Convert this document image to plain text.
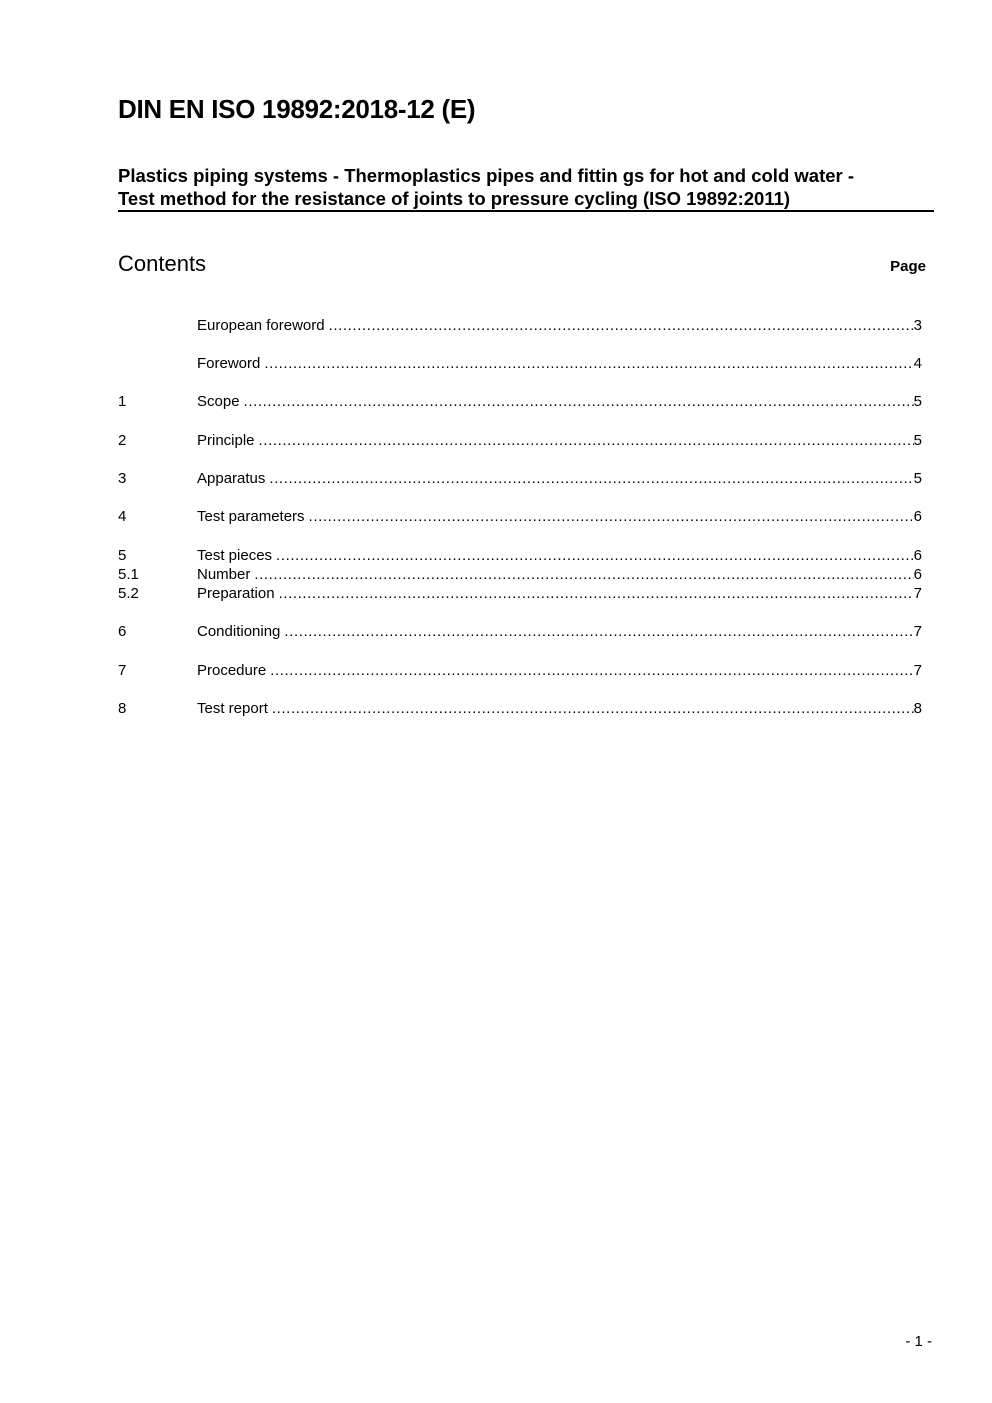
DIN EN ISO 19892:2018-12 (E)
Plastics piping systems - Thermoplastics pipes and fittin gs for hot and cold water -
Test method for the resistance of joints to pressure cycling (ISO 19892:2011)
Contents	Page
European foreword .....	3
Foreword .....	4
1	Scope .....	5
2	Principle .....	5
3	Apparatus .....	5
4	Test parameters .....	6
5	Test pieces .....	6
5.1	Number .....	6
5.2	Preparation .....	7
6	Conditioning .....	7
7	Procedure .....	7
8	Test report .....	8
- 1 -
